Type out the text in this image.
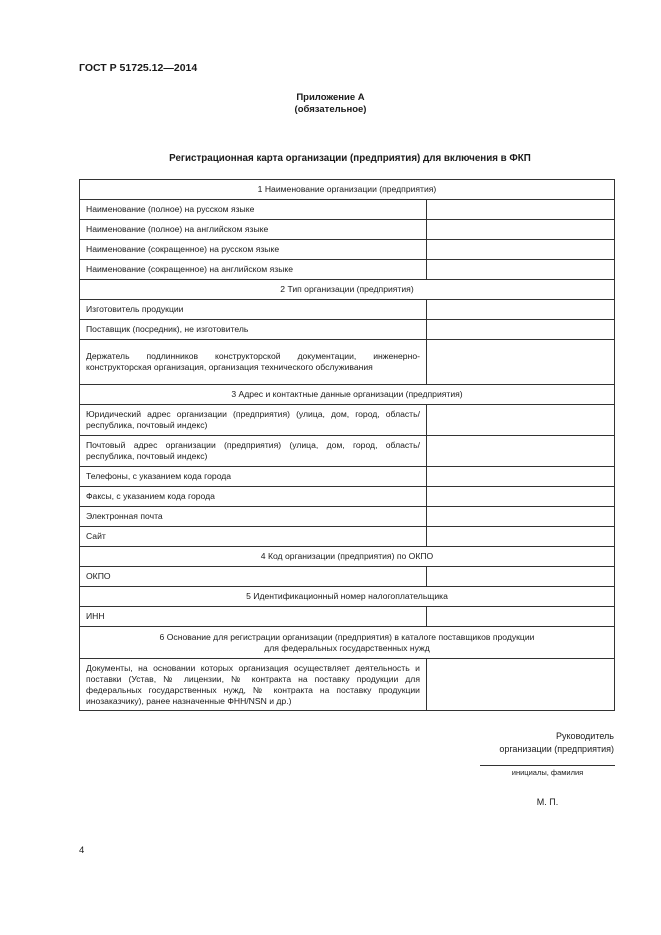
ГОСТ Р 51725.12—2014
Приложение А
(обязательное)
Регистрационная карта организации (предприятия) для включения в ФКП
1 Наименование организации (предприятия)	
Наименование (полное) на русском языке	
Наименование (полное) на английском языке	
Наименование (сокращенное) на русском языке	
Наименование (сокращенное) на английском языке	
2 Тип организации (предприятия)	
Изготовитель продукции	
Поставщик (посредник), не изготовитель	
Держатель подлинников конструкторской документации, инженерно-конструкторская организация, организация технического обслуживания	
3 Адрес и контактные данные организации (предприятия)	
Юридический адрес организации (предприятия) (улица, дом, город, область/республика, почтовый индекс)	
Почтовый адрес организации (предприятия) (улица, дом, город, область/республика, почтовый индекс)	
Телефоны, с указанием кода города	
Факсы, с указанием кода города	
Электронная почта	
Сайт	
4 Код организации (предприятия) по ОКПО	
ОКПО	
5 Идентификационный номер налогоплательщика	
ИНН	

6 Основание для регистрации организации (предприятия) в каталоге поставщиков продукции
для федеральных государственных нужд	

Документы, на основании которых организация осуществляет деятельность и поставки (Устав, № лицензии, № контракта на поставку продукции для федеральных государственных нужд, № контракта на поставку продукции инозаказчику), ранее назначенные ФНН/NSN и др.)	
Руководитель
организации (предприятия)
инициалы, фамилия
М. П.
4
